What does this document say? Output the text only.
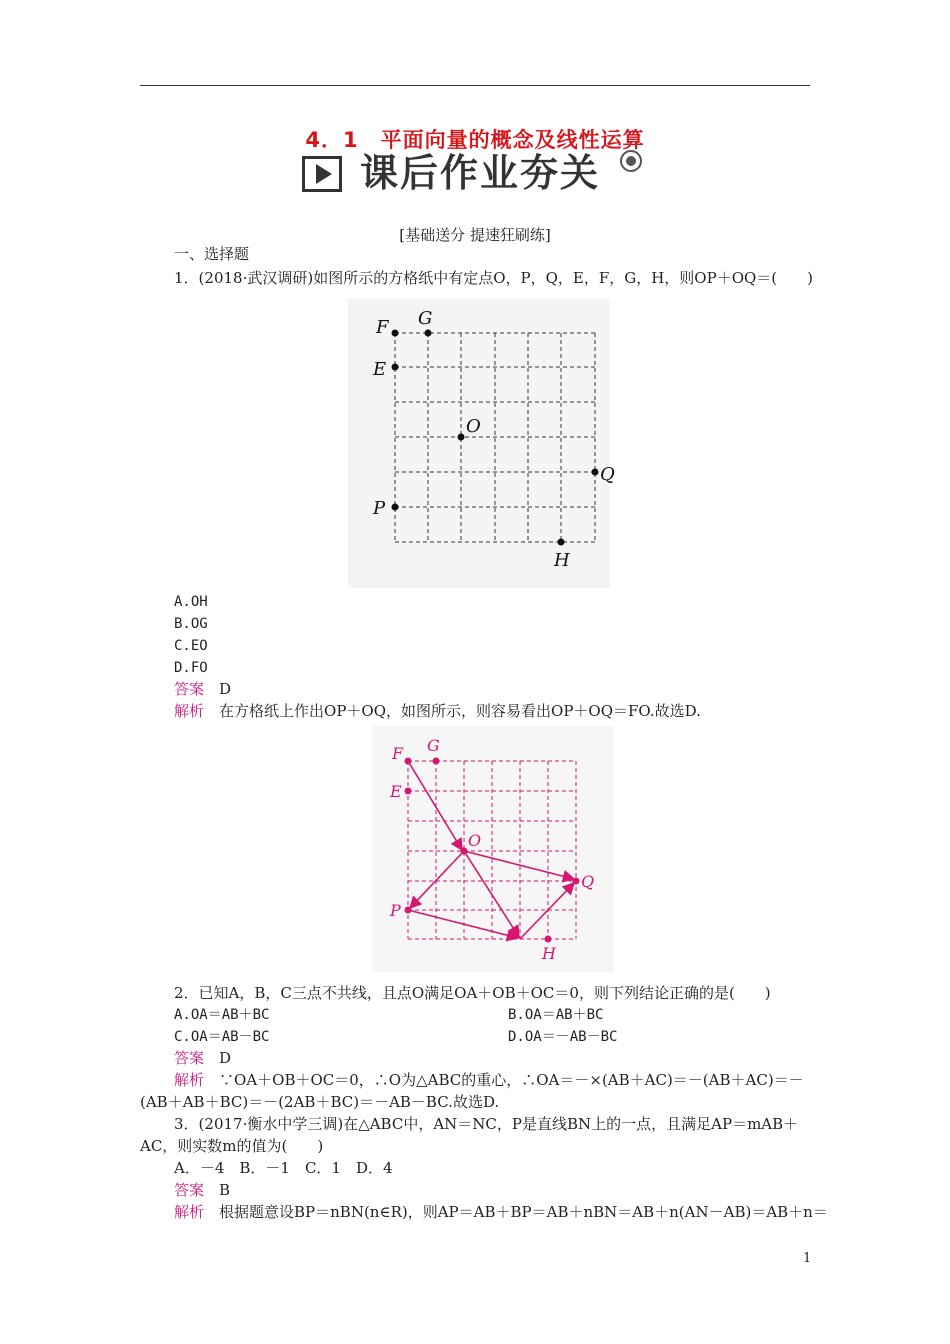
4．1　平面向量的概念及线性运算
课后作业夯关
[基础送分 提速狂刷练]
一、选择题
1．(2018·武汉调研)如图所示的方格纸中有定点O，P，Q，E，F，G，H，则OP＋OQ＝(　　)
F G
E
O
Q
P
H
A.OH
B.OG
C.EO
D.FO
答案　 D
解析　 在方格纸上作出OP＋OQ，如图所示，则容易看出OP＋OQ＝FO.故选D.
F G
E
O
Q
P
H
2．已知A，B，C三点不共线，且点O满足OA＋OB＋OC＝0，则下列结论正确的是(　　)
A.OA＝AB＋BC	B.OA＝AB＋BC
C.OA＝AB－BC	D.OA＝－AB－BC
答案　 D
解析　 ∵OA＋OB＋OC＝0，∴O为△ABC的重心，∴OA＝－×(AB＋AC)＝－(AB＋AC)＝－
(AB＋AB＋BC)＝－(2AB＋BC)＝－AB－BC.故选D.
3．(2017·衡水中学三调)在△ABC中，AN＝NC，P是直线BN上的一点，且满足AP＝mAB＋
AC，则实数m的值为(　　)
A．－4　B．－1　C．1　D．4
答案　 B
解析　 根据题意设BP＝nBN(n∈R)，则AP＝AB＋BP＝AB＋nBN＝AB＋n(AN－AB)＝AB＋n＝
1
